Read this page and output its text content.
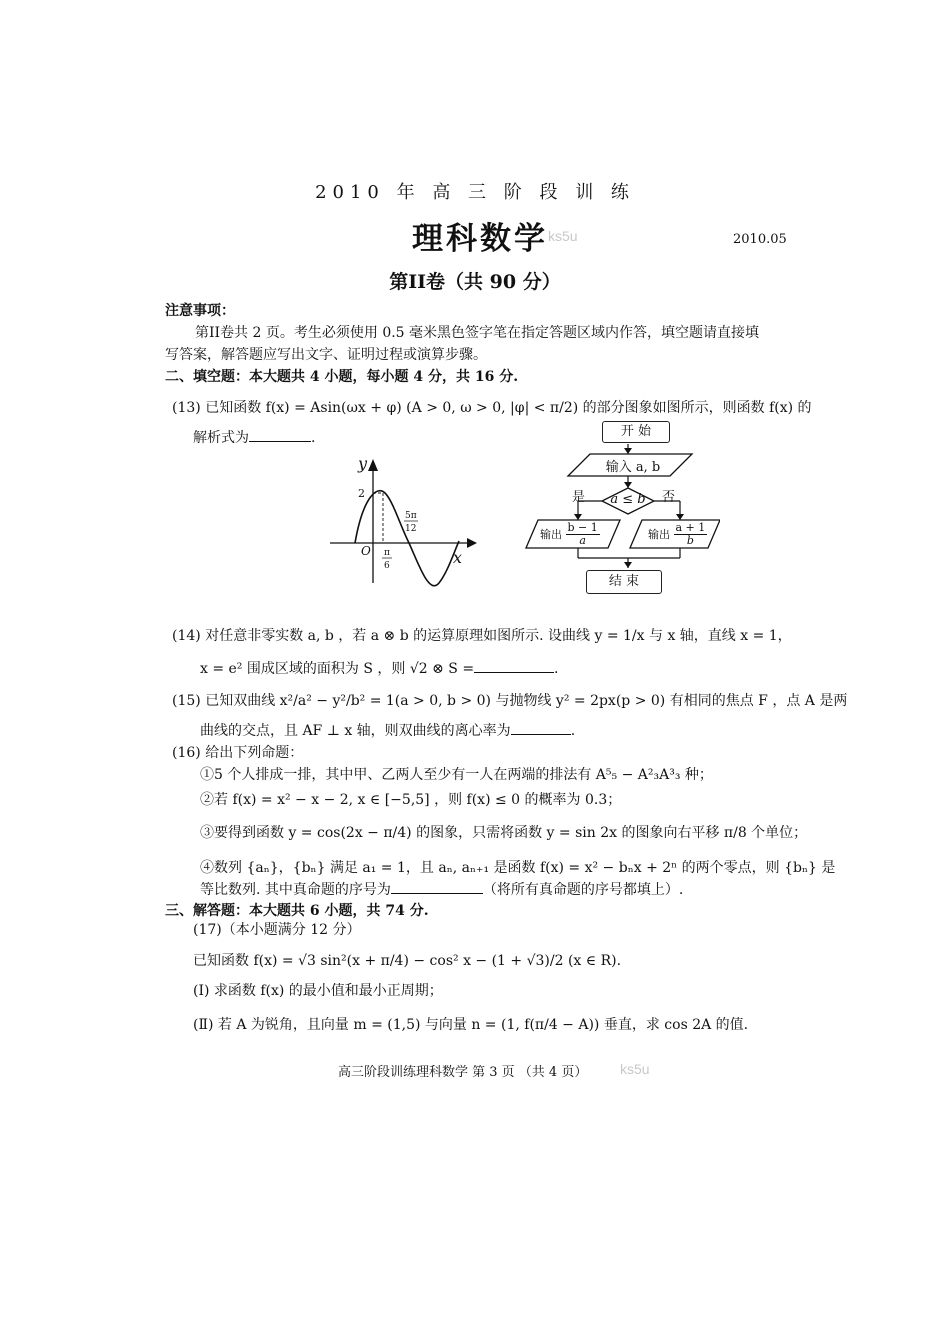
2010 年 高 三 阶 段 训 练
理科数学 ks5u	2010.05
第II卷（共 90 分）
注意事项：
第II卷共 2 页。考生必须使用 0.5 毫米黑色签字笔在指定答题区域内作答，填空题请直接填
写答案，解答题应写出文字、证明过程或演算步骤。
二、填空题：本大题共 4 小题，每小题 4 分，共 16 分.
(13) 已知函数 f(x) = Asin(ωx + φ) (A > 0, ω > 0, |φ| < π/2) 的部分图象如图所示，则函数 f(x) 的
解析式为	.
y
x
O
2
5π
12
π
6
开 始
输入 a, b
a ≤ b
是	否
输出 $\frac{b - 1}{a}$	输出 $\frac{a + 1}{b}$
结 束
(14) 对任意非零实数 a, b ，若 a ⊗ b 的运算原理如图所示. 设曲线 y = 1/x 与 x 轴，直线 x = 1，
x = e² 围成区域的面积为 S ，则 √2 ⊗ S =	.
(15) 已知双曲线 x²/a² − y²/b² = 1(a > 0, b > 0) 与抛物线 y² = 2px(p > 0) 有相同的焦点 F ，点 A 是两
曲线的交点，且 AF ⊥ x 轴，则双曲线的离心率为	.
(16) 给出下列命题：
①5 个人排成一排，其中甲、乙两人至少有一人在两端的排法有 A⁵₅ − A²₃A³₃ 种；
②若 f(x) = x² − x − 2, x ∈ [−5,5] ，则 f(x) ≤ 0 的概率为 0.3；
③要得到函数 y = cos(2x − π/4) 的图象，只需将函数 y = sin 2x 的图象向右平移 π/8 个单位；
④数列 {aₙ}，{bₙ} 满足 a₁ = 1，且 aₙ, aₙ₊₁ 是函数 f(x) = x² − bₙx + 2ⁿ 的两个零点，则 {bₙ} 是
等比数列. 其中真命题的序号为	（将所有真命题的序号都填上）.
三、解答题：本大题共 6 小题，共 74 分.
(17)（本小题满分 12 分）
已知函数 f(x) = √3 sin²(x + π/4) − cos² x − (1 + √3)/2 (x ∈ R).
(Ⅰ) 求函数 f(x) 的最小值和最小正周期；
(Ⅱ) 若 A 为锐角，且向量 m = (1,5) 与向量 n = (1, f(π/4 − A)) 垂直，求 cos 2A 的值.
高三阶段训练理科数学 第 3 页 （共 4 页） ks5u
